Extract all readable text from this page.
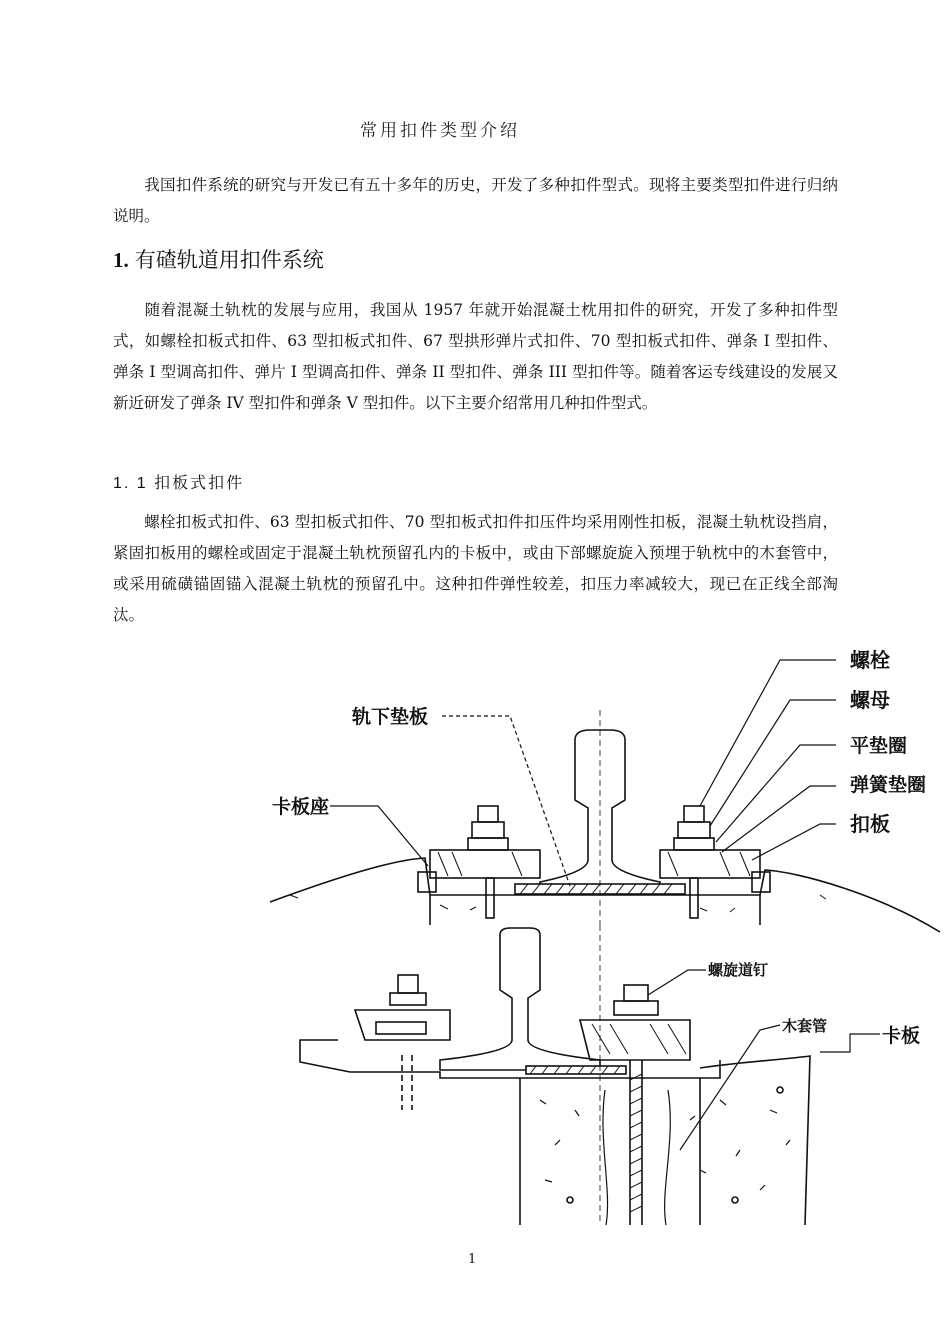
常用扣件类型介绍
我国扣件系统的研究与开发已有五十多年的历史，开发了多种扣件型式。现将主要类型扣件进行归纳说明。
1. 有碴轨道用扣件系统
随着混凝土轨枕的发展与应用，我国从 1957 年就开始混凝土枕用扣件的研究，开发了多种扣件型式，如螺栓扣板式扣件、63 型扣板式扣件、67 型拱形弹片式扣件、70 型扣板式扣件、弹条 I 型扣件、弹条 I 型调高扣件、弹片 I 型调高扣件、弹条 II 型扣件、弹条 III 型扣件等。随着客运专线建设的发展又新近研发了弹条 IV 型扣件和弹条 V 型扣件。以下主要介绍常用几种扣件型式。
1. 1 扣板式扣件
螺栓扣板式扣件、63 型扣板式扣件、70 型扣板式扣件扣压件均采用刚性扣板，混凝土轨枕设挡肩，紧固扣板用的螺栓或固定于混凝土轨枕预留孔内的卡板中，或由下部螺旋旋入预埋于轨枕中的木套管中，或采用硫磺锚固锚入混凝土轨枕的预留孔中。这种扣件弹性较差，扣压力率减较大，现已在正线全部淘汰。
螺栓
螺母
平垫圈
弹簧垫圈
扣板
轨下垫板
卡板座
螺旋道钉
木套管	卡板
1
